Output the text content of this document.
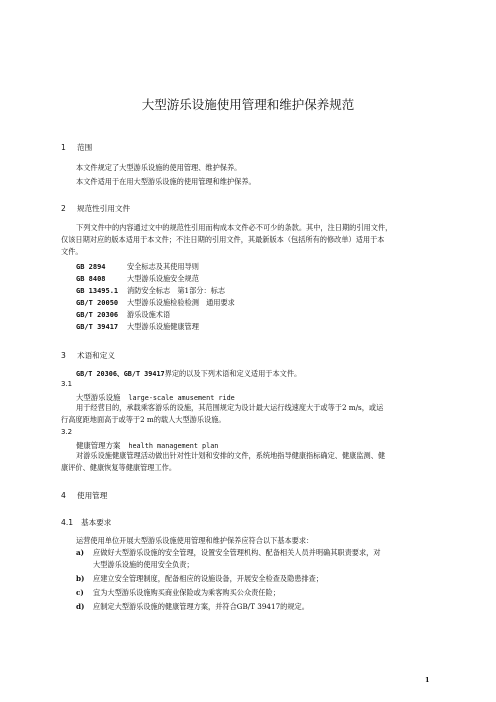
大型游乐设施使用管理和维护保养规范
1 范围
本文件规定了大型游乐设施的使用管理、维护保养。
本文件适用于在用大型游乐设施的使用管理和维护保养。
2 规范性引用文件
下列文件中的内容通过文中的规范性引用而构成本文件必不可少的条款。其中，注日期的引用文件，
仅该日期对应的版本适用于本文件；不注日期的引用文件，其最新版本（包括所有的修改单）适用于本
文件。
GB 2894	安全标志及其使用导则
GB 8408	大型游乐设施安全规范
GB 13495.1 消防安全标志　第1部分：标志
GB/T 20050 大型游乐设施检验检测　通用要求
GB/T 20306 游乐设施术语
GB/T 39417 大型游乐设施健康管理
3 术语和定义
GB/T 20306、GB/T 39417界定的以及下列术语和定义适用于本文件。
3.1
大型游乐设施 large-scale amusement ride
用于经营目的，承载乘客游乐的设施，其范围规定为设计最大运行线速度大于或等于2 m/s，或运
行高度距地面高于或等于2 m的载人大型游乐设施。
3.2
健康管理方案 health management plan
对游乐设施健康管理活动做出针对性计划和安排的文件，系统地指导健康指标确定、健康监测、健
康评价、健康恢复等健康管理工作。
4 使用管理
4.1 基本要求
运营使用单位开展大型游乐设施使用管理和维护保养应符合以下基本要求：
a) 应做好大型游乐设施的安全管理，设置安全管理机构、配备相关人员并明确其职责要求，对
大型游乐设施的使用安全负责；
b) 应建立安全管理制度，配备相应的设施设备，开展安全检查及隐患排查；
c) 宜为大型游乐设施购买商业保险或为乘客购买公众责任险；
d) 应制定大型游乐设施的健康管理方案，并符合GB/T 39417的规定。
1
